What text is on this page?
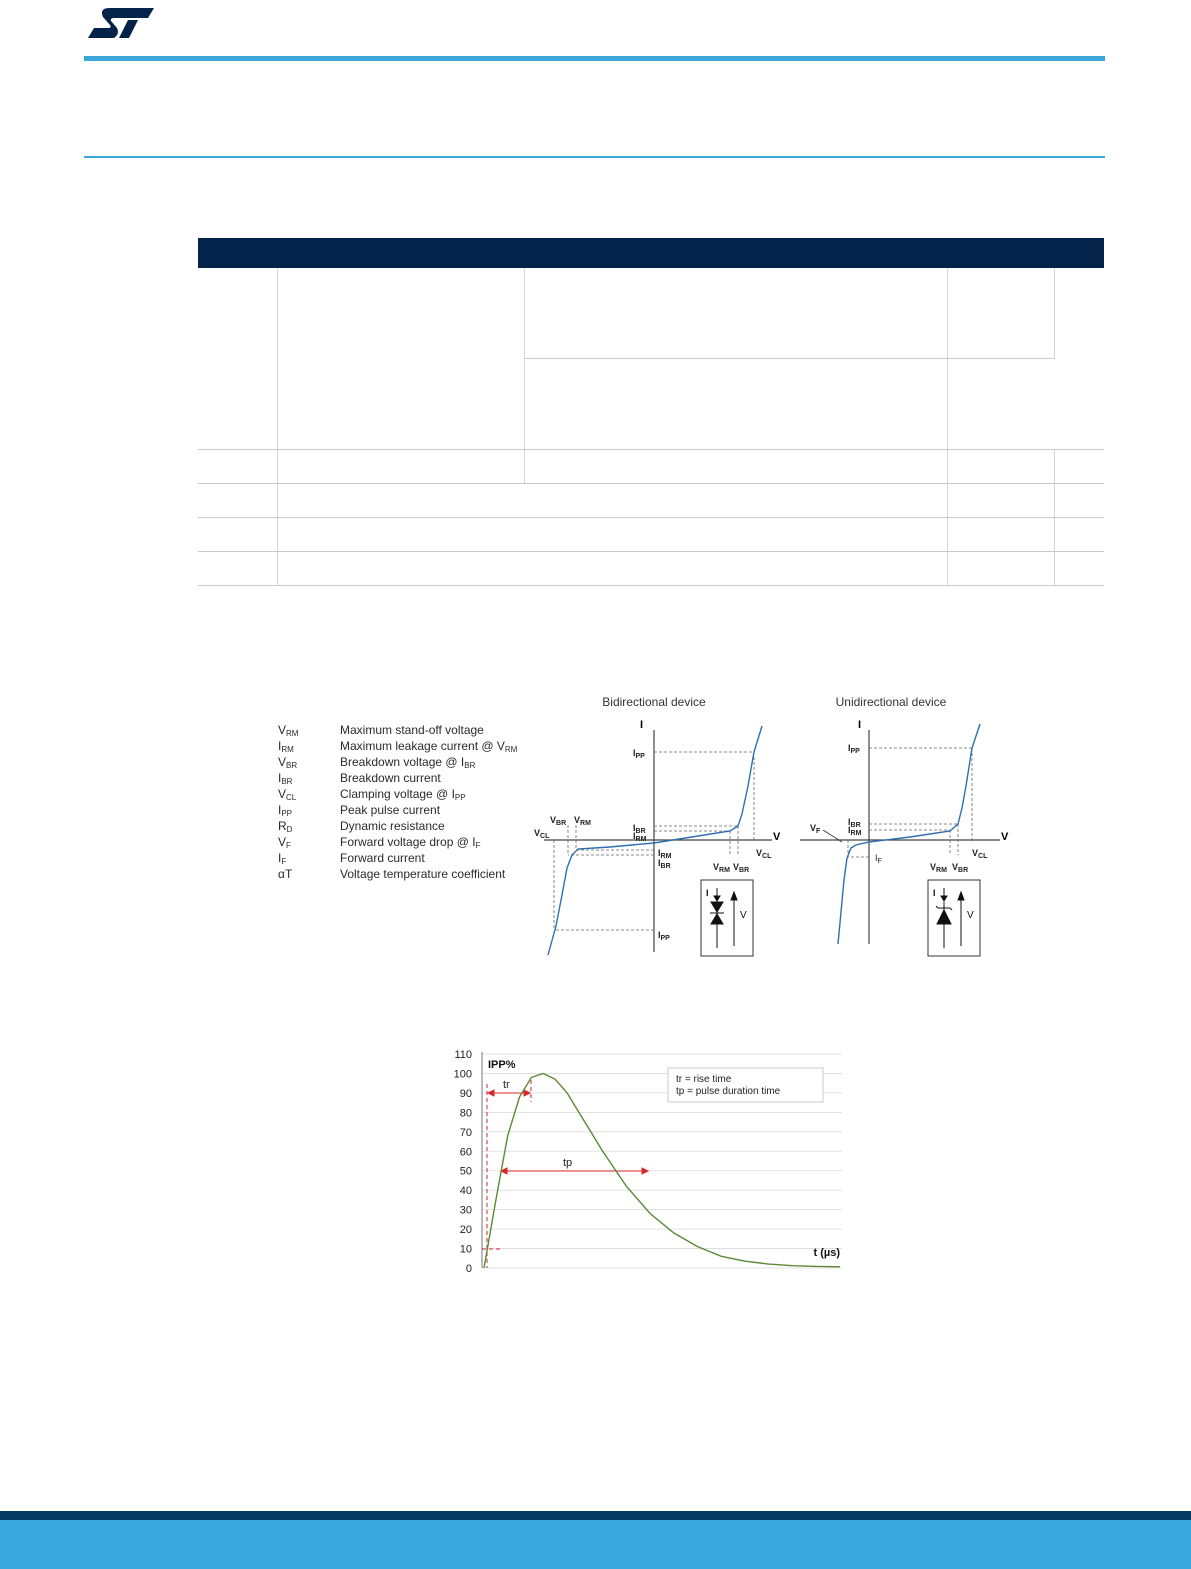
$V_{RM}$	Maximum stand-off voltage
$I_{RM}$	Maximum leakage current @ $V_{RM}$
$V_{BR}$	Breakdown voltage @ $I_{BR}$
$I_{BR}$	Breakdown current
$V_{CL}$	Clamping voltage @ $I_{PP}$
$I_{PP}$	Peak pulse current
$R_D$	Dynamic resistance
$V_F$	Forward voltage drop @ $I_F$
$I_F$	Forward current
αT	Voltage temperature coefficient
Bidirectional device
I
V
$I_{PP}$
$I_{BR}$
$I_{RM}$
$I_{RM}$
$I_{BR}$
$I_{PP}$
$V_{BR}$ $V_{RM}$
$V_{CL}$
$V_{RM}$ $V_{BR}$
$V_{CL}$
I
V
Unidirectional device
I
V
$I_{PP}$
$I_{BR}$
$I_{RM}$
$V_F$
$I_F$
$V_{RM}$ $V_{BR}$
$V_{CL}$
I
V
0
10
20
30
40
50
60
70
80
90
100
110
IPP%
t (µs)
tr = rise time
tp = pulse duration time
tr
tp
